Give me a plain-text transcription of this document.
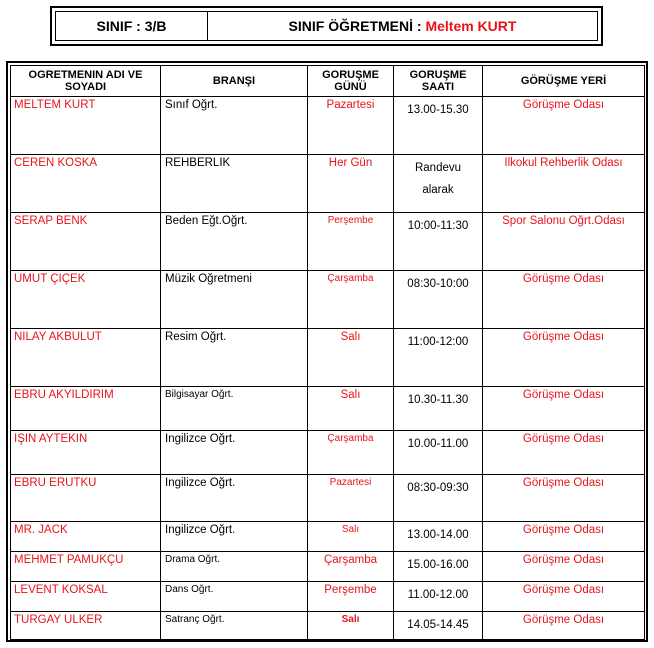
SINIF : 3/B	SINIF ÖĞRETMENİ :
Meltem KURT
OGRETMENIN ADI VE SOYADI	BRANŞI	GORUŞME GÜNÜ	GORUŞME SAATI	GÖRÜŞME YERİ
MELTEM KURT	Sınıf Oğrt.	Pazartesi	13.00-15.30	Görüşme Odası
CEREN KOSKA	REHBERLIK	Her Gün	Randevu alarak	Ilkokul Rehberlik Odası
SERAP BENK	Beden Eğt.Oğrt.	Perşembe	10:00-11:30	Spor Salonu Oğrt.Odası
UMUT ÇIÇEK	Müzik Oğretmeni	Çarşamba	08:30-10:00	Görüşme Odası
NILAY AKBULUT	Resim Oğrt.	Salı	11:00-12:00	Görüşme Odası
EBRU AKYILDIRIM	Bilgisayar Oğrt.	Salı	10.30-11.30	Görüşme Odası
IŞIN AYTEKIN	Ingilizce Oğrt.	Çarşamba	10.00-11.00	Görüşme Odası
EBRU ERUTKU	Ingilizce Oğrt.	Pazartesi	08:30-09:30	Görüşme Odası
MR. JACK	Ingilizce Oğrt.	Salı	13.00-14.00	Görüşme Odası
MEHMET PAMUKÇU	Drama Oğrt.	Çarşamba	15.00-16.00	Görüşme Odası
LEVENT KOKSAL	Dans Oğrt.	Perşembe	11.00-12.00	Görüşme Odası
TURGAY ULKER	Satranç Oğrt.	Salı	14.05-14.45	Görüşme Odası
